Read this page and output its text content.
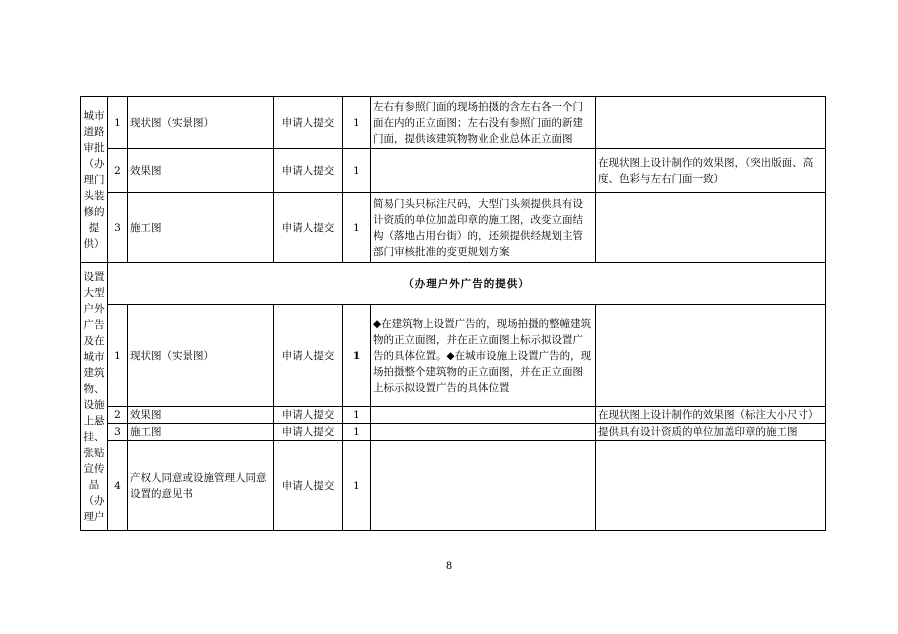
城市道路审批（办理门头装修的提供）	1	现状图（实景图）	申请人提交	1	左右有参照门面的现场拍摄的含左右各一个门面在内的正立面图；左右没有参照门面的新建门面，提供该建筑物物业企业总体正立面图	
	2	效果图	申请人提交	1		在现状图上设计制作的效果图，（突出版面、高度、色彩与左右门面一致）
	3	施工图	申请人提交	1	简易门头只标注尺码，大型门头须提供具有设计资质的单位加盖印章的施工图，改变立面结构（落地占用台街）的，还须提供经规划主管部门审核批准的变更规划方案	
设置大型户外广告及在城市建筑物、设施上悬挂、张贴宣传品（办理户	（办理户外广告的提供）					
	1	现状图（实景图）	申请人提交	1	◆在建筑物上设置广告的，现场拍摄的整幢建筑物的正立面图，并在正立面图上标示拟设置广告的具体位置。◆在城市设施上设置广告的，现场拍摄整个建筑物的正立面图，并在正立面图上标示拟设置广告的具体位置	
	2	效果图	申请人提交	1		在现状图上设计制作的效果图（标注大小尺寸）
	3	施工图	申请人提交	1		提供具有设计资质的单位加盖印章的施工图
	4	产权人同意或设施管理人同意设置的意见书	申请人提交	1		
8
